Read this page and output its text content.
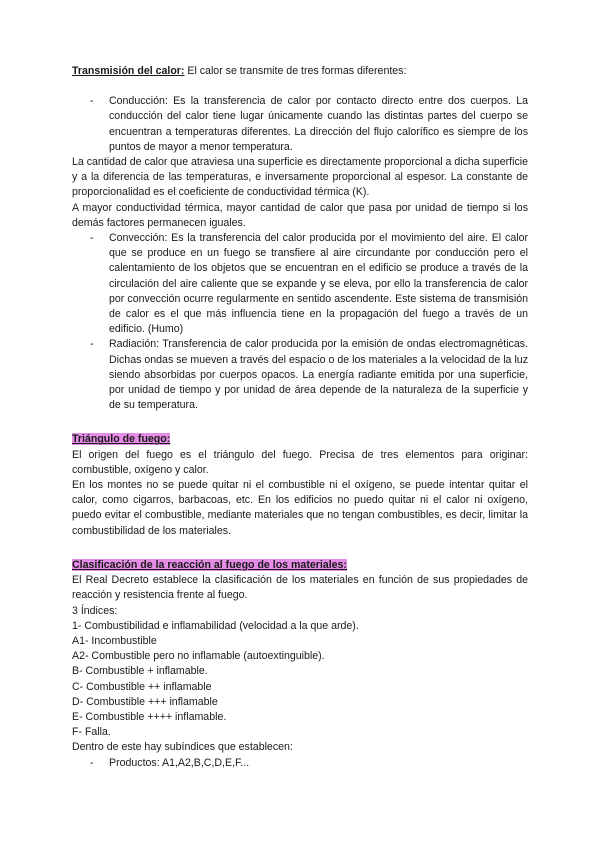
Transmisión del calor: El calor se transmite de tres formas diferentes:

- Conducción: Es la transferencia de calor por contacto directo entre dos cuerpos. La conducción del calor tiene lugar únicamente cuando las distintas partes del cuerpo se encuentran a temperaturas diferentes. La dirección del flujo calorífico es siempre de los puntos de mayor a menor temperatura.

La cantidad de calor que atraviesa una superficie es directamente proporcional a dicha superficie y a la diferencia de las temperaturas, e inversamente proporcional al espesor. La constante de proporcionalidad es el coeficiente de conductividad térmica (K).

A mayor conductividad térmica, mayor cantidad de calor que pasa por unidad de tiempo si los demás factores permanecen iguales.

- Convección: Es la transferencia del calor producida por el movimiento del aire. El calor que se produce en un fuego se transfiere al aire circundante por conducción pero el calentamiento de los objetos que se encuentran en el edificio se produce a través de la circulación del aire caliente que se expande y se eleva, por ello la transferencia de calor por convección ocurre regularmente en sentido ascendente. Este sistema de transmisión de calor es el que más influencia tiene en la propagación del fuego a través de un edificio. (Humo)
- Radiación: Transferencia de calor producida por la emisión de ondas electromagnéticas. Dichas ondas se mueven a través del espacio o de los materiales a la velocidad de la luz siendo absorbidas por cuerpos opacos. La energía radiante emitida por una superficie, por unidad de tiempo y por unidad de área depende de la naturaleza de la superficie y de su temperatura.

Triángulo de fuego:

El origen del fuego es el triángulo del fuego. Precisa de tres elementos para originar: combustible, oxígeno y calor.

En los montes no se puede quitar ni el combustible ni el oxígeno, se puede intentar quitar el calor, como cigarros, barbacoas, etc. En los edificios no puedo quitar ni el calor ni oxígeno, puedo evitar el combustible, mediante materiales que no tengan combustibles, es decir, limitar la combustibilidad de los materiales.

Clasificación de la reacción al fuego de los materiales:

El Real Decreto establece la clasificación de los materiales en función de sus propiedades de reacción y resistencia frente al fuego.

3 Índices:

1- Combustibilidad e inflamabilidad (velocidad a la que arde).

A1- Incombustible

A2- Combustible pero no inflamable (autoextinguible).

B- Combustible + inflamable.

C- Combustible ++ inflamable

D- Combustible +++ inflamable

E- Combustible ++++ inflamable.

F- Falla.

Dentro de este hay subíndices que establecen:

- Productos: A1,A2,B,C,D,E,F...
